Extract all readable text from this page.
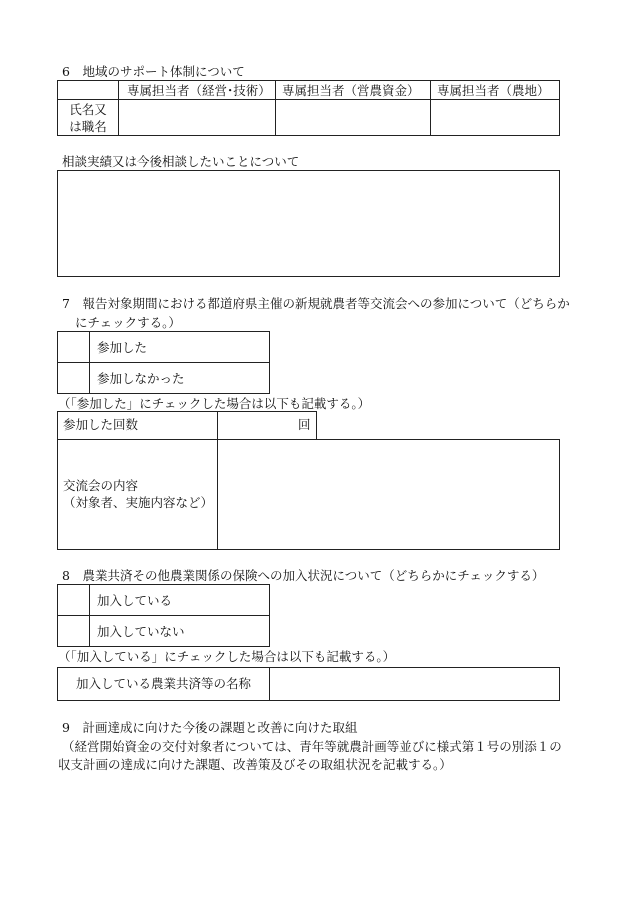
6　地域のサポート体制について
	専属担当者（経営･技術）	専属担当者（営農資金）	専属担当者（農地）

氏名又
は職名			

相談実績又は今後相談したいことについて
7　報告対象期間における都道府県主催の新規就農者等交流会への参加について（どちらか
にチェックする。）
	参加した
	参加しなかった
（「参加した」にチェックした場合は以下も記載する。）
参加した回数	回
交流会の内容
（対象者、実施内容など）
8　農業共済その他農業関係の保険への加入状況について（どちらかにチェックする）
	加入している
	加入していない
（「加入している」にチェックした場合は以下も記載する。）
加入している農業共済等の名称
9　計画達成に向けた今後の課題と改善に向けた取組
（経営開始資金の交付対象者については、青年等就農計画等並びに様式第１号の別添１の
収支計画の達成に向けた課題、改善策及びその取組状況を記載する。）
